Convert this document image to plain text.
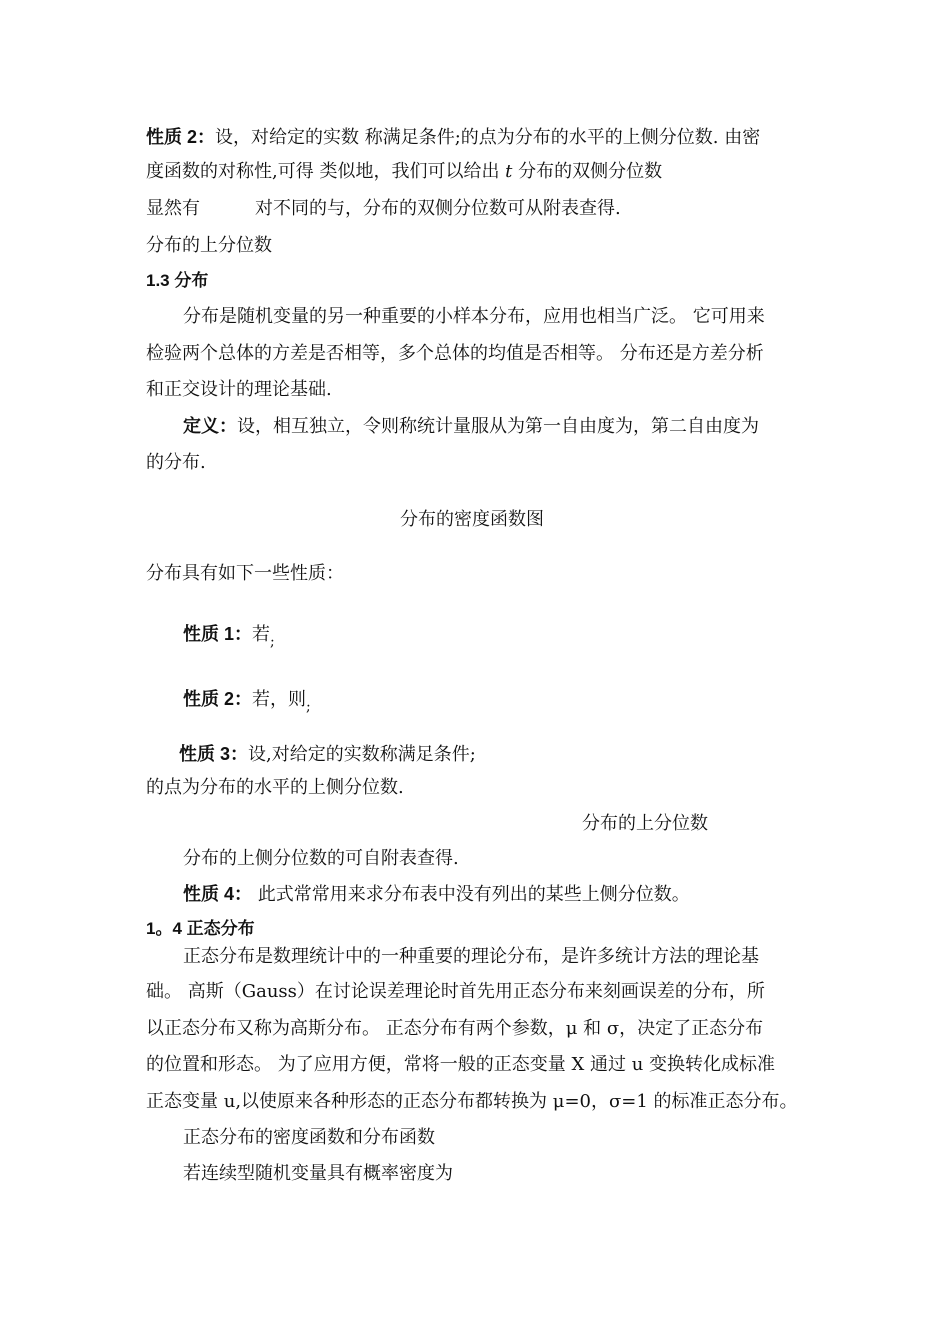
性质 2：设，对给定的实数 称满足条件;的点为分布的水平的上侧分位数. 由密
度函数的对称性,可得 类似地，我们可以给出 t 分布的双侧分位数
显然有	对不同的与，分布的双侧分位数可从附表查得.
分布的上分位数
1.3 分布
分布是随机变量的另一种重要的小样本分布，应用也相当广泛。 它可用来
检验两个总体的方差是否相等，多个总体的均值是否相等。 分布还是方差分析
和正交设计的理论基础.
定义：设，相互独立，令则称统计量服从为第一自由度为，第二自由度为
的分布.
分布的密度函数图
分布具有如下一些性质：
性质 1：若$_;$
性质 2：若，则$_;$
性质 3：设,对给定的实数称满足条件;
的点为分布的水平的上侧分位数.
分布的上分位数
分布的上侧分位数的可自附表查得.
性质 4： 此式常常用来求分布表中没有列出的某些上侧分位数。
1。4 正态分布
正态分布是数理统计中的一种重要的理论分布，是许多统计方法的理论基
础。 高斯（Gauss）在讨论误差理论时首先用正态分布来刻画误差的分布，所
以正态分布又称为高斯分布。 正态分布有两个参数，μ 和 σ，决定了正态分布
的位置和形态。 为了应用方便，常将一般的正态变量 X 通过 u 变换转化成标准
正态变量 u,以使原来各种形态的正态分布都转换为 μ=0，σ=1 的标准正态分布。
正态分布的密度函数和分布函数
若连续型随机变量具有概率密度为
